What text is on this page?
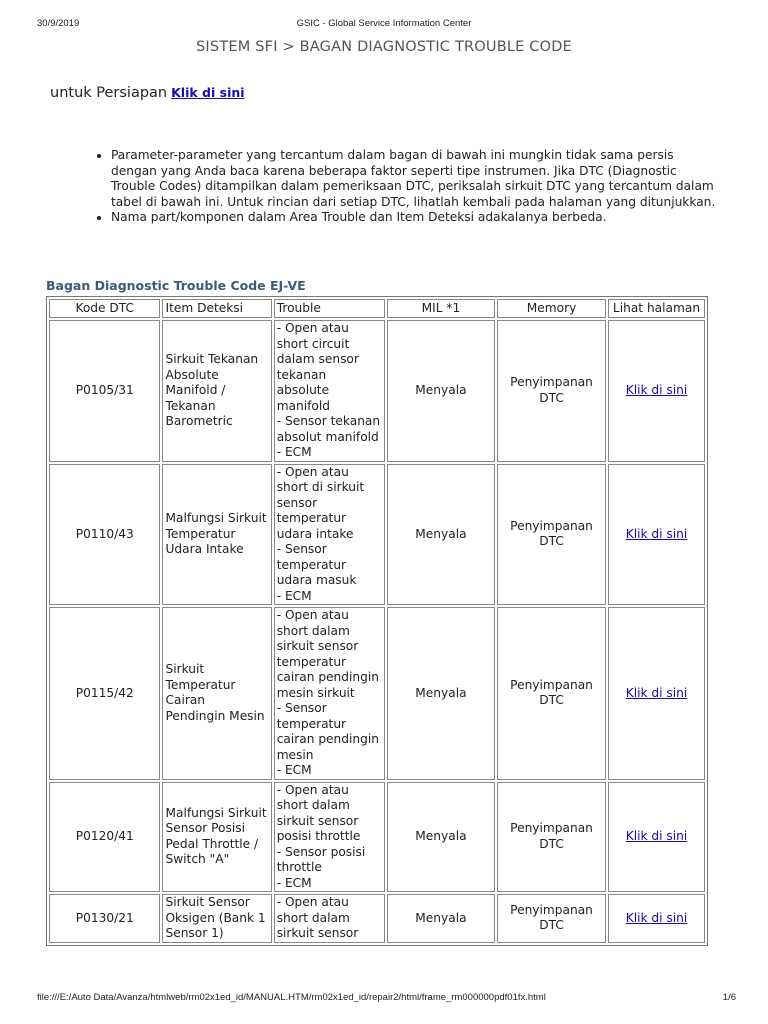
30/9/2019	GSIC - Global Service Information Center
SISTEM SFI > BAGAN DIAGNOSTIC TROUBLE CODE
untuk Persiapan Klik di sini
• Parameter-parameter yang tercantum dalam bagan di bawah ini mungkin tidak sama persis dengan yang Anda baca karena beberapa faktor seperti tipe instrumen. Jika DTC (Diagnostic Trouble Codes) ditampilkan dalam pemeriksaan DTC, periksalah sirkuit DTC yang tercantum dalam tabel di bawah ini. Untuk rincian dari setiap DTC, lihatlah kembali pada halaman yang ditunjukkan.
• Nama part/komponen dalam Area Trouble dan Item Deteksi adakalanya berbeda.
Bagan Diagnostic Trouble Code EJ-VE
Kode DTC	Item Deteksi	Trouble	MIL *1	Memory	Lihat halaman
P0105/31	Sirkuit Tekanan Absolute Manifold / Tekanan Barometric	- Open atau short circuit dalam sensor tekanan absolute manifold
- Sensor tekanan absolut manifold
- ECM	Menyala	Penyimpanan DTC	Klik di sini
P0110/43	Malfungsi Sirkuit Temperatur Udara Intake	- Open atau short di sirkuit sensor temperatur udara intake
- Sensor temperatur udara masuk
- ECM	Menyala	Penyimpanan DTC	Klik di sini
P0115/42	Sirkuit Temperatur Cairan Pendingin Mesin	- Open atau short dalam sirkuit sensor temperatur cairan pendingin mesin sirkuit
- Sensor temperatur cairan pendingin mesin
- ECM	Menyala	Penyimpanan DTC	Klik di sini
P0120/41	Malfungsi Sirkuit Sensor Posisi Pedal Throttle / Switch "A"	- Open atau short dalam sirkuit sensor posisi throttle
- Sensor posisi throttle
- ECM	Menyala	Penyimpanan DTC	Klik di sini
P0130/21	Sirkuit Sensor Oksigen (Bank 1 Sensor 1)	- Open atau short dalam sirkuit sensor	Menyala	Penyimpanan DTC	Klik di sini
file:///E:/Auto Data/Avanza/htmlweb/rm02x1ed_id/MANUAL.HTM/rm02x1ed_id/repair2/html/frame_rm000000pdf01fx.html	1/6
